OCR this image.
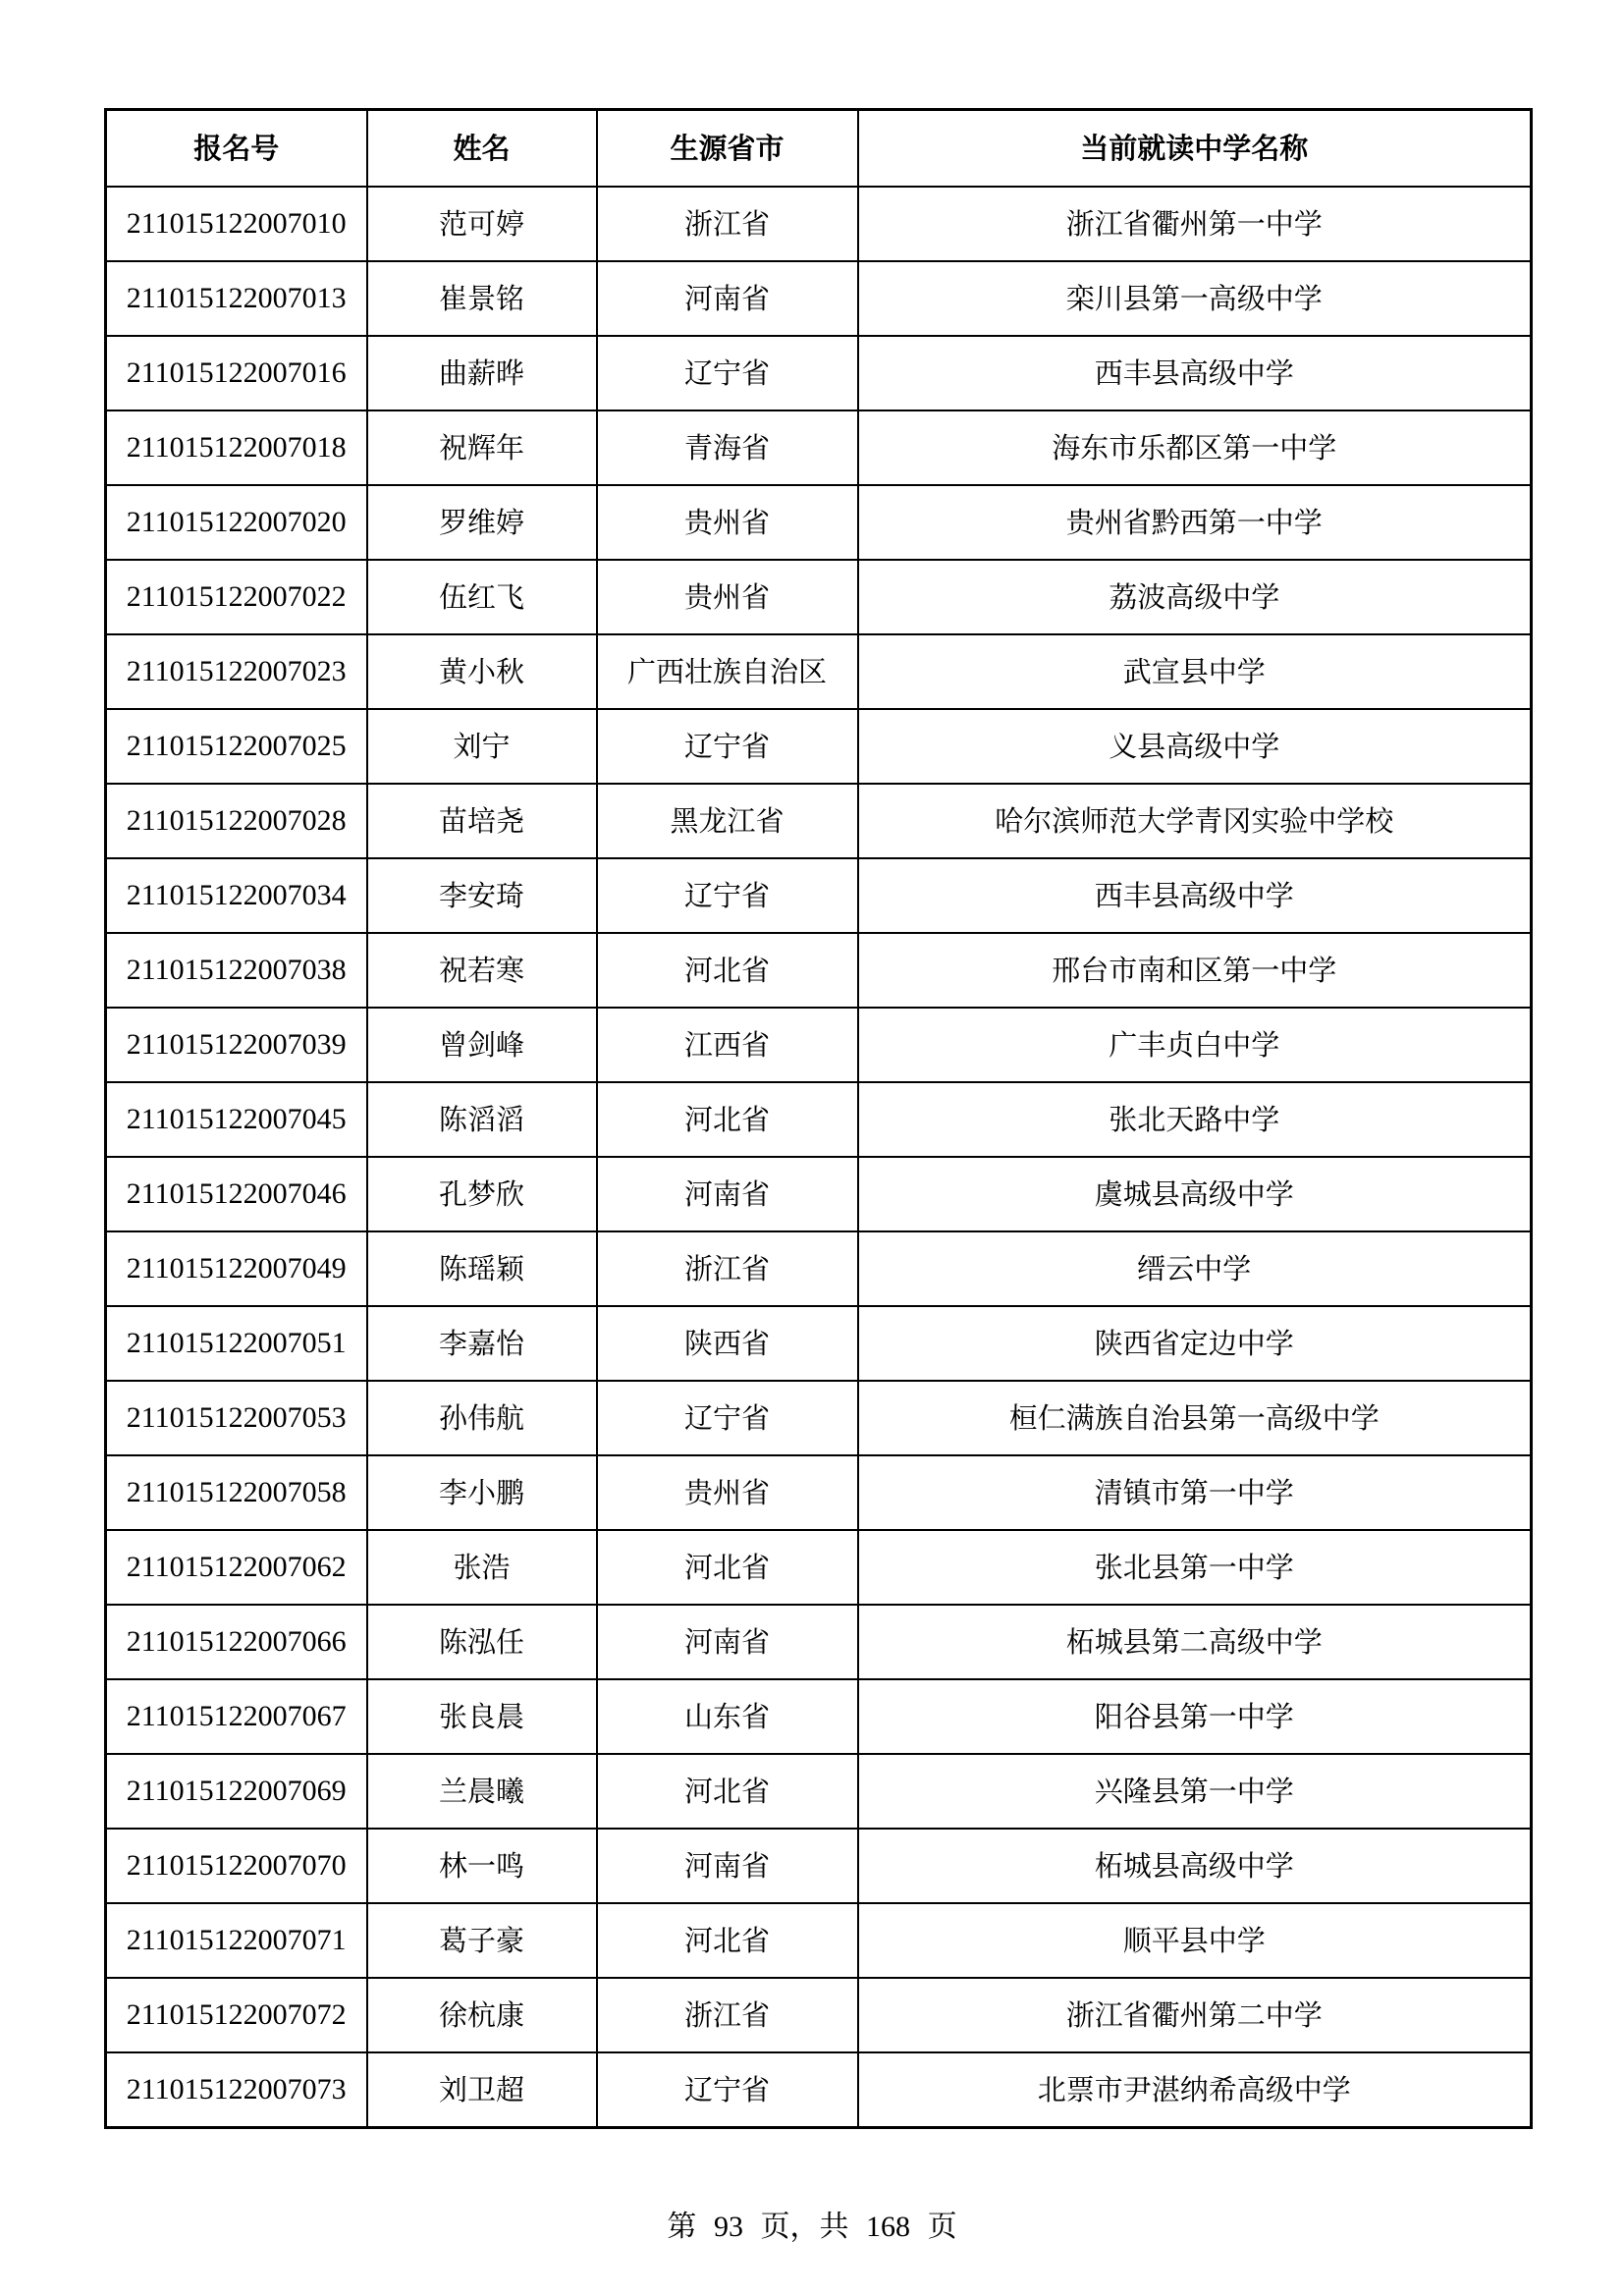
报名号	姓名	生源省市	当前就读中学名称
211015122007010	范可婷	浙江省	浙江省衢州第一中学
211015122007013	崔景铭	河南省	栾川县第一高级中学
211015122007016	曲薪晔	辽宁省	西丰县高级中学
211015122007018	祝辉年	青海省	海东市乐都区第一中学
211015122007020	罗维婷	贵州省	贵州省黔西第一中学
211015122007022	伍红飞	贵州省	荔波高级中学
211015122007023	黄小秋	广西壮族自治区	武宣县中学
211015122007025	刘宁	辽宁省	义县高级中学
211015122007028	苗培尧	黑龙江省	哈尔滨师范大学青冈实验中学校
211015122007034	李安琦	辽宁省	西丰县高级中学
211015122007038	祝若寒	河北省	邢台市南和区第一中学
211015122007039	曾剑峰	江西省	广丰贞白中学
211015122007045	陈滔滔	河北省	张北天路中学
211015122007046	孔梦欣	河南省	虞城县高级中学
211015122007049	陈瑶颖	浙江省	缙云中学
211015122007051	李嘉怡	陕西省	陕西省定边中学
211015122007053	孙伟航	辽宁省	桓仁满族自治县第一高级中学
211015122007058	李小鹏	贵州省	清镇市第一中学
211015122007062	张浩	河北省	张北县第一中学
211015122007066	陈泓任	河南省	柘城县第二高级中学
211015122007067	张良晨	山东省	阳谷县第一中学
211015122007069	兰晨曦	河北省	兴隆县第一中学
211015122007070	林一鸣	河南省	柘城县高级中学
211015122007071	葛子豪	河北省	顺平县中学
211015122007072	徐杭康	浙江省	浙江省衢州第二中学
211015122007073	刘卫超	辽宁省	北票市尹湛纳希高级中学
第 93 页，共 168 页
